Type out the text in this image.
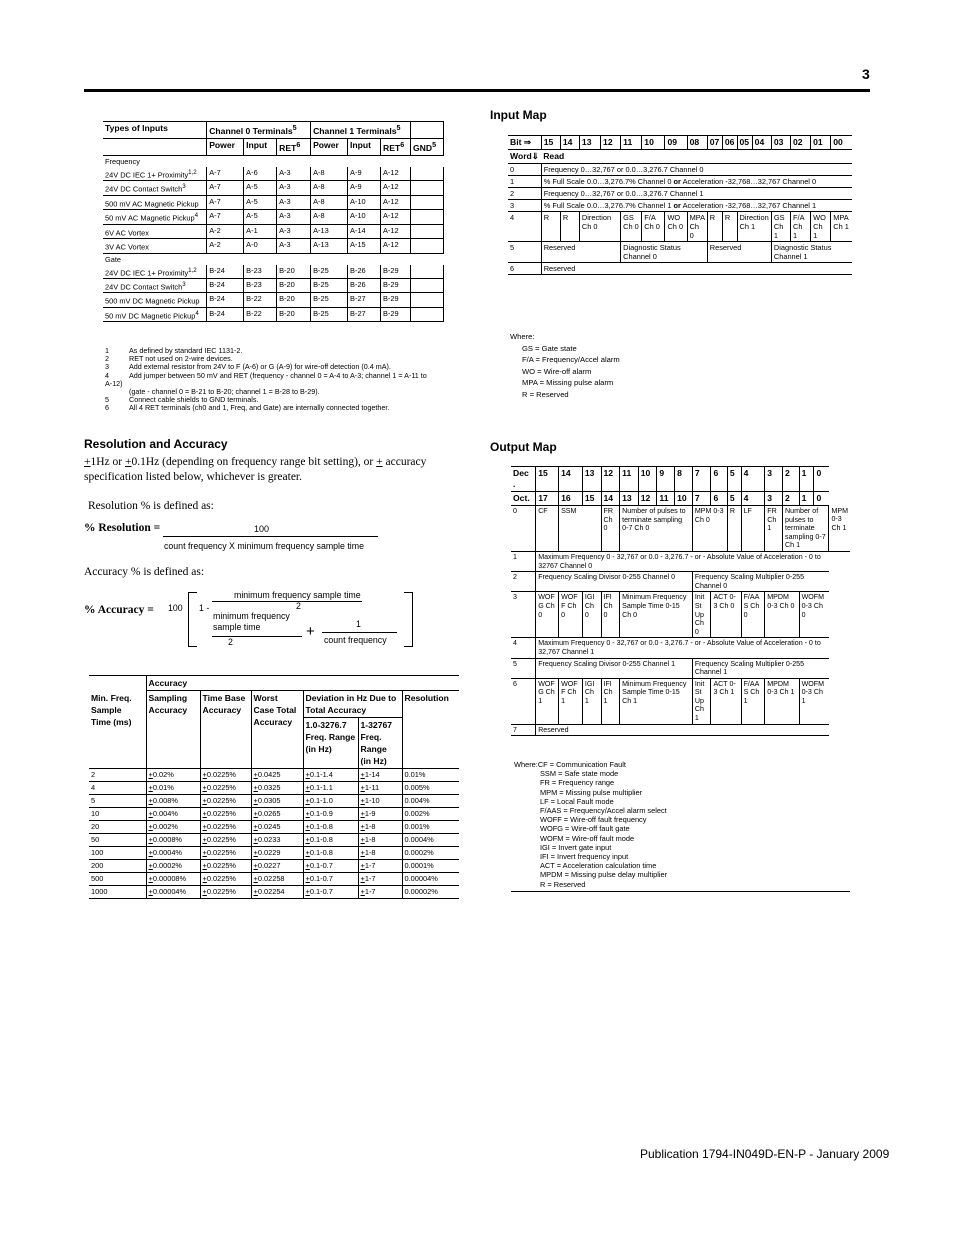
3
Types of Inputs	Channel 0 Terminals$^5$			Channel 1 Terminals$^5$	
	Power	Input	RET$^6$	Power	Input	RET$^6$	GND$^5$
Frequency							
24V DC IEC 1+ Proximity$^{1,2}$	A-7	A-6	A-3	A-8	A-9	A-12	
24V DC Contact Switch$^3$	A-7	A-5	A-3	A-8	A-9	A-12	
500 mV AC Magnetic Pickup	A-7	A-5	A-3	A-8	A-10	A-12	
50 mV AC Magnetic Pickup$^4$	A-7	A-5	A-3	A-8	A-10	A-12	
6V AC Vortex	A-2	A-1	A-3	A-13	A-14	A-12	
3V AC Vortex	A-2	A-0	A-3	A-13	A-15	A-12	
Gate							
24V DC IEC 1+ Proximity$^{1,2}$	B-24	B-23	B-20	B-25	B-26	B-29	
24V DC Contact Switch$^3$	B-24	B-23	B-20	B-25	B-26	B-29	
500 mV DC Magnetic Pickup	B-24	B-22	B-20	B-25	B-27	B-29	
50 mV DC Magnetic Pickup$^4$	B-24	B-22	B-20	B-25	B-27	B-29	
1	As defined by standard IEC 1131-2.
2	RET not used on 2-wire devices.
3	Add external resistor from 24V to F (A-6) or G (A-9) for wire-off detection (0.4 mA).
4	Add jumper between 50 mV and RET (frequency - channel 0 = A-4 to A-3; channel 1 = A-11 to
A-12)
(gate - channel 0 = B-21 to B-20; channel 1 = B-28 to B-29).
5	Connect cable shields to GND terminals.
6	All 4 RET terminals (ch0 and 1, Freq, and Gate) are internally connected together.
Resolution and Accuracy
+1Hz or +0.1Hz (depending on frequency range bit setting), or + accuracy specification listed below, whichever is greater.
Resolution % is defined as:
% Resolution =	100
count frequency X minimum frequency sample time
Accuracy % is defined as:
% Accuracy = 100 1 -
minimum frequency sample time
2
minimum frequency sample time
2
+	1
count frequency
	Accuracy					
Min. Freq. Sample Time (ms)	Sampling Accuracy	Time Base Accuracy	Worst Case Total Accuracy	Deviation in Hz Due to Total Accuracy		Resolution
				1.0-3276.7 Freq. Range (in Hz)	1-32767 Freq. Range (in Hz)	
2	+0.02%	+0.0225%	+0.0425	+0.1-1.4	+1-14	0.01%
4	+0.01%	+0.0225%	+0.0325	+0.1-1.1	+1-11	0.005%
5	+0.008%	+0.0225%	+0.0305	+0.1-1.0	+1-10	0.004%
10	+0.004%	+0.0225%	+0.0265	+0.1-0.9	+1-9	0.002%
20	+0.002%	+0.0225%	+0.0245	+0.1-0.8	+1-8	0.001%
50	+0.0008%	+0.0225%	+0.0233	+0.1-0.8	+1-8	0.0004%
100	+0.0004%	+0.0225%	+0.0229	+0.1-0.8	+1-8	0.0002%
200	+0.0002%	+0.0225%	+0.0227	+0.1-0.7	+1-7	0.0001%
500	+0.00008%	+0.0225%	+0.02258	+0.1-0.7	+1-7	0.00004%
1000	+0.00004%	+0.0225%	+0.02254	+0.1-0.7	+1-7	0.00002%
Input Map
Bit ⇒	15	14	13	12	11	10	09	08	07	06	05	04	03	02	01	00
Word⇓	Read															
0	Frequency 0…32,767 or 0.0…3,276.7 Channel 0															
1	% Full Scale 0.0…3,276.7% Channel 0 or Acceleration -32,768…32,767 Channel 0															
2	Frequency 0…32,767 or 0.0…3,276.7 Channel 1															
3	% Full Scale 0.0…3,276.7% Channel 1 or Acceleration -32,768…32,767 Channel 1															
4	R	R	Direction Ch 0		GS Ch 0	F/A Ch 0	WO Ch 0	MPA Ch 0	R	R	Direction Ch 1		GS Ch 1	F/A Ch 1	WO Ch 1	MPA Ch 1
5	Reserved				Diagnostic Status Channel 0				Reserved				Diagnostic Status Channel 1			
6	Reserved															
Where:
GS = Gate state
F/A = Frequency/Accel alarm
WO = Wire-off alarm
MPA = Missing pulse alarm
R = Reserved
Output Map
Dec .	15	14	13	12	11	10	9	8	7	6	5	4	3	2	1	0	
Oct.	17	16	15	14	13	12	11	10	7	6	5	4	3	2	1	0	
0	CF	SSM		FR Ch 0	Number of pulses to terminate sampling 0-7 Ch 0				MPM 0-3 Ch 0		R	LF	FR Ch 1	Number of pulses to terminate sampling 0-7 Ch 1			MPM 0-3 Ch 1
1	Maximum Frequency 0 - 32,767 or 0.0 - 3,276.7 - or - Absolute Value of Acceleration - 0 to 32767 Channel 0																
2	Frequency Scaling Divisor 0-255 Channel 0								Frequency Scaling Multiplier 0-255 Channel 0								
3	WOF G Ch 0	WOF F Ch 0	IGI Ch 0	IFI Ch 0	Minimum Frequency Sample Time 0-15 Ch 0				Init St Up Ch 0	ACT 0-3 Ch 0		F/AA S Ch 0	MPDM 0-3 Ch 0		WOFM 0-3 Ch 0		
4	Maximum Frequency 0 - 32,767 or 0.0 - 3,276.7 - or - Absolute Value of Acceleration - 0 to 32,767 Channel 1																
5	Frequency Scaling Divisor 0-255 Channel 1								Frequency Scaling Multiplier 0-255 Channel 1								
6	WOF G Ch 1	WOF F Ch 1	IGI Ch 1	IFI Ch 1	Minimum Frequency Sample Time 0-15 Ch 1				Init St Up Ch 1	ACT 0-3 Ch 1		F/AA S Ch 1	MPDM 0-3 Ch 1		WOFM 0-3 Ch 1		
7	Reserved																
Where:CF = Communication Fault
SSM = Safe state mode
FR = Frequency range
MPM = Missing pulse multiplier
LF = Local Fault mode
F/AAS = Frequency/Accel alarm select
WOFF = Wire-off fault frequency
WOFG = Wire-off fault gate
WOFM = Wire-off fault mode
IGI = Invert gate input
IFI = Invert frequency input
ACT = Acceleration calculation time
MPDM = Missing pulse delay multiplier
R = Reserved
Publication 1794-IN049D-EN-P - January 2009
